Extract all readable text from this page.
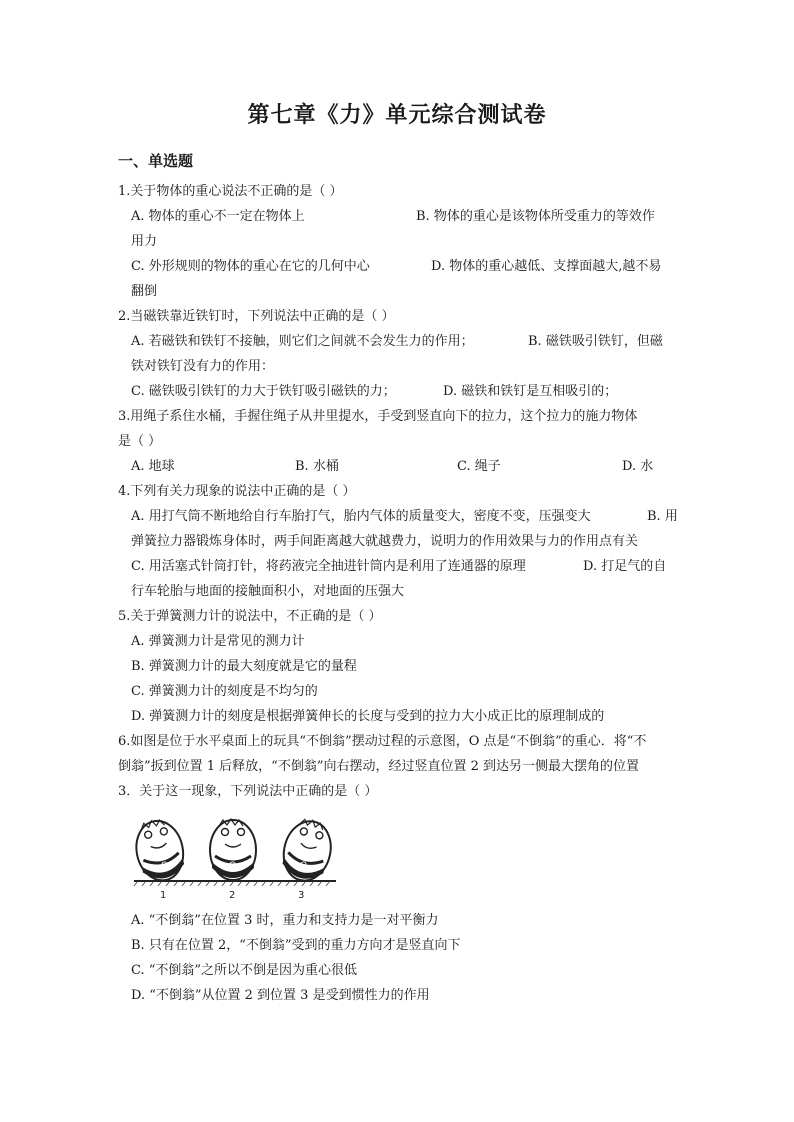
第七章《力》单元综合测试卷
一、单选题
1.关于物体的重心说法不正确的是（ ）
A. 物体的重心不一定在物体上	B. 物体的重心是该物体所受重力的等效作
用力
C. 外形规则的物体的重心在它的几何中心	D. 物体的重心越低、支撑面越大,越不易
翻倒
2.当磁铁靠近铁钉时，下列说法中正确的是（ ）
A. 若磁铁和铁钉不接触，则它们之间就不会发生力的作用；	B. 磁铁吸引铁钉，但磁
铁对铁钉没有力的作用：
C. 磁铁吸引铁钉的力大于铁钉吸引磁铁的力；	D. 磁铁和铁钉是互相吸引的；
3.用绳子系住水桶，手握住绳子从井里提水，手受到竖直向下的拉力，这个拉力的施力物体
是（ ）
A. 地球	B. 水桶	C. 绳子	D. 水
4.下列有关力现象的说法中正确的是（ ）
A. 用打气筒不断地给自行车胎打气，胎内气体的质量变大，密度不变，压强变大	B. 用
弹簧拉力器锻炼身体时，两手间距离越大就越费力，说明力的作用效果与力的作用点有关
C. 用活塞式针筒打针，将药液完全抽进针筒内是利用了连通器的原理	D. 打足气的自
行车轮胎与地面的接触面积小，对地面的压强大
5.关于弹簧测力计的说法中，不正确的是（ ）
A. 弹簧测力计是常见的测力计
B. 弹簧测力计的最大刻度就是它的量程
C. 弹簧测力计的刻度是不均匀的
D. 弹簧测力计的刻度是根据弹簧伸长的长度与受到的拉力大小成正比的原理制成的
6.如图是位于水平桌面上的玩具“不倒翁”摆动过程的示意图，O 点是“不倒翁”的重心．将“不
倒翁”扳到位置 1 后释放，“不倒翁”向右摆动，经过竖直位置 2 到达另一侧最大摆角的位置
3．关于这一现象，下列说法中正确的是（ ）
O	O	O
1	2	3
A. “不倒翁”在位置 3 时，重力和支持力是一对平衡力
B. 只有在位置 2，“不倒翁”受到的重力方向才是竖直向下
C. “不倒翁”之所以不倒是因为重心很低
D. “不倒翁”从位置 2 到位置 3 是受到惯性力的作用
